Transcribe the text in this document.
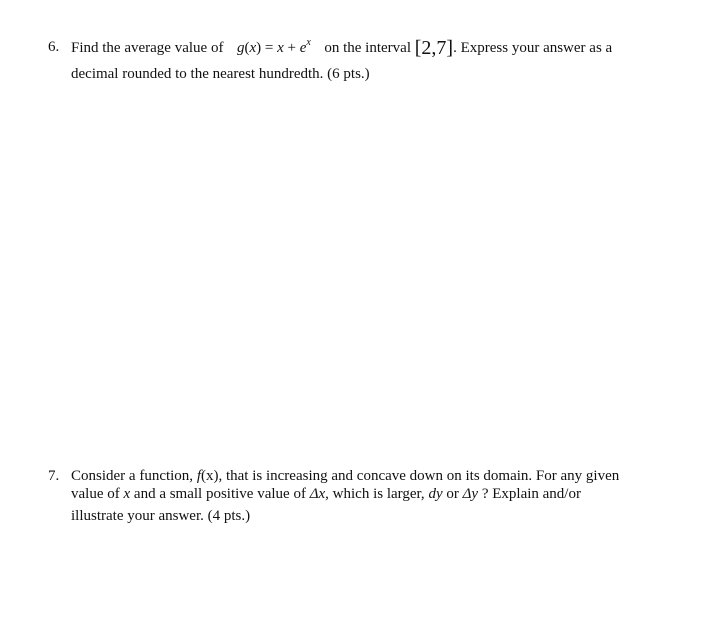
6. Find the average value of $g(x) = x + e^x$ on the interval [2,7]. Express your answer as a
decimal rounded to the nearest hundredth. (6 pts.)
7. Consider a function, f(x), that is increasing and concave down on its domain. For any given
value of x and a small positive value of Δx, which is larger, dy or Δy ? Explain and/or
illustrate your answer. (4 pts.)
